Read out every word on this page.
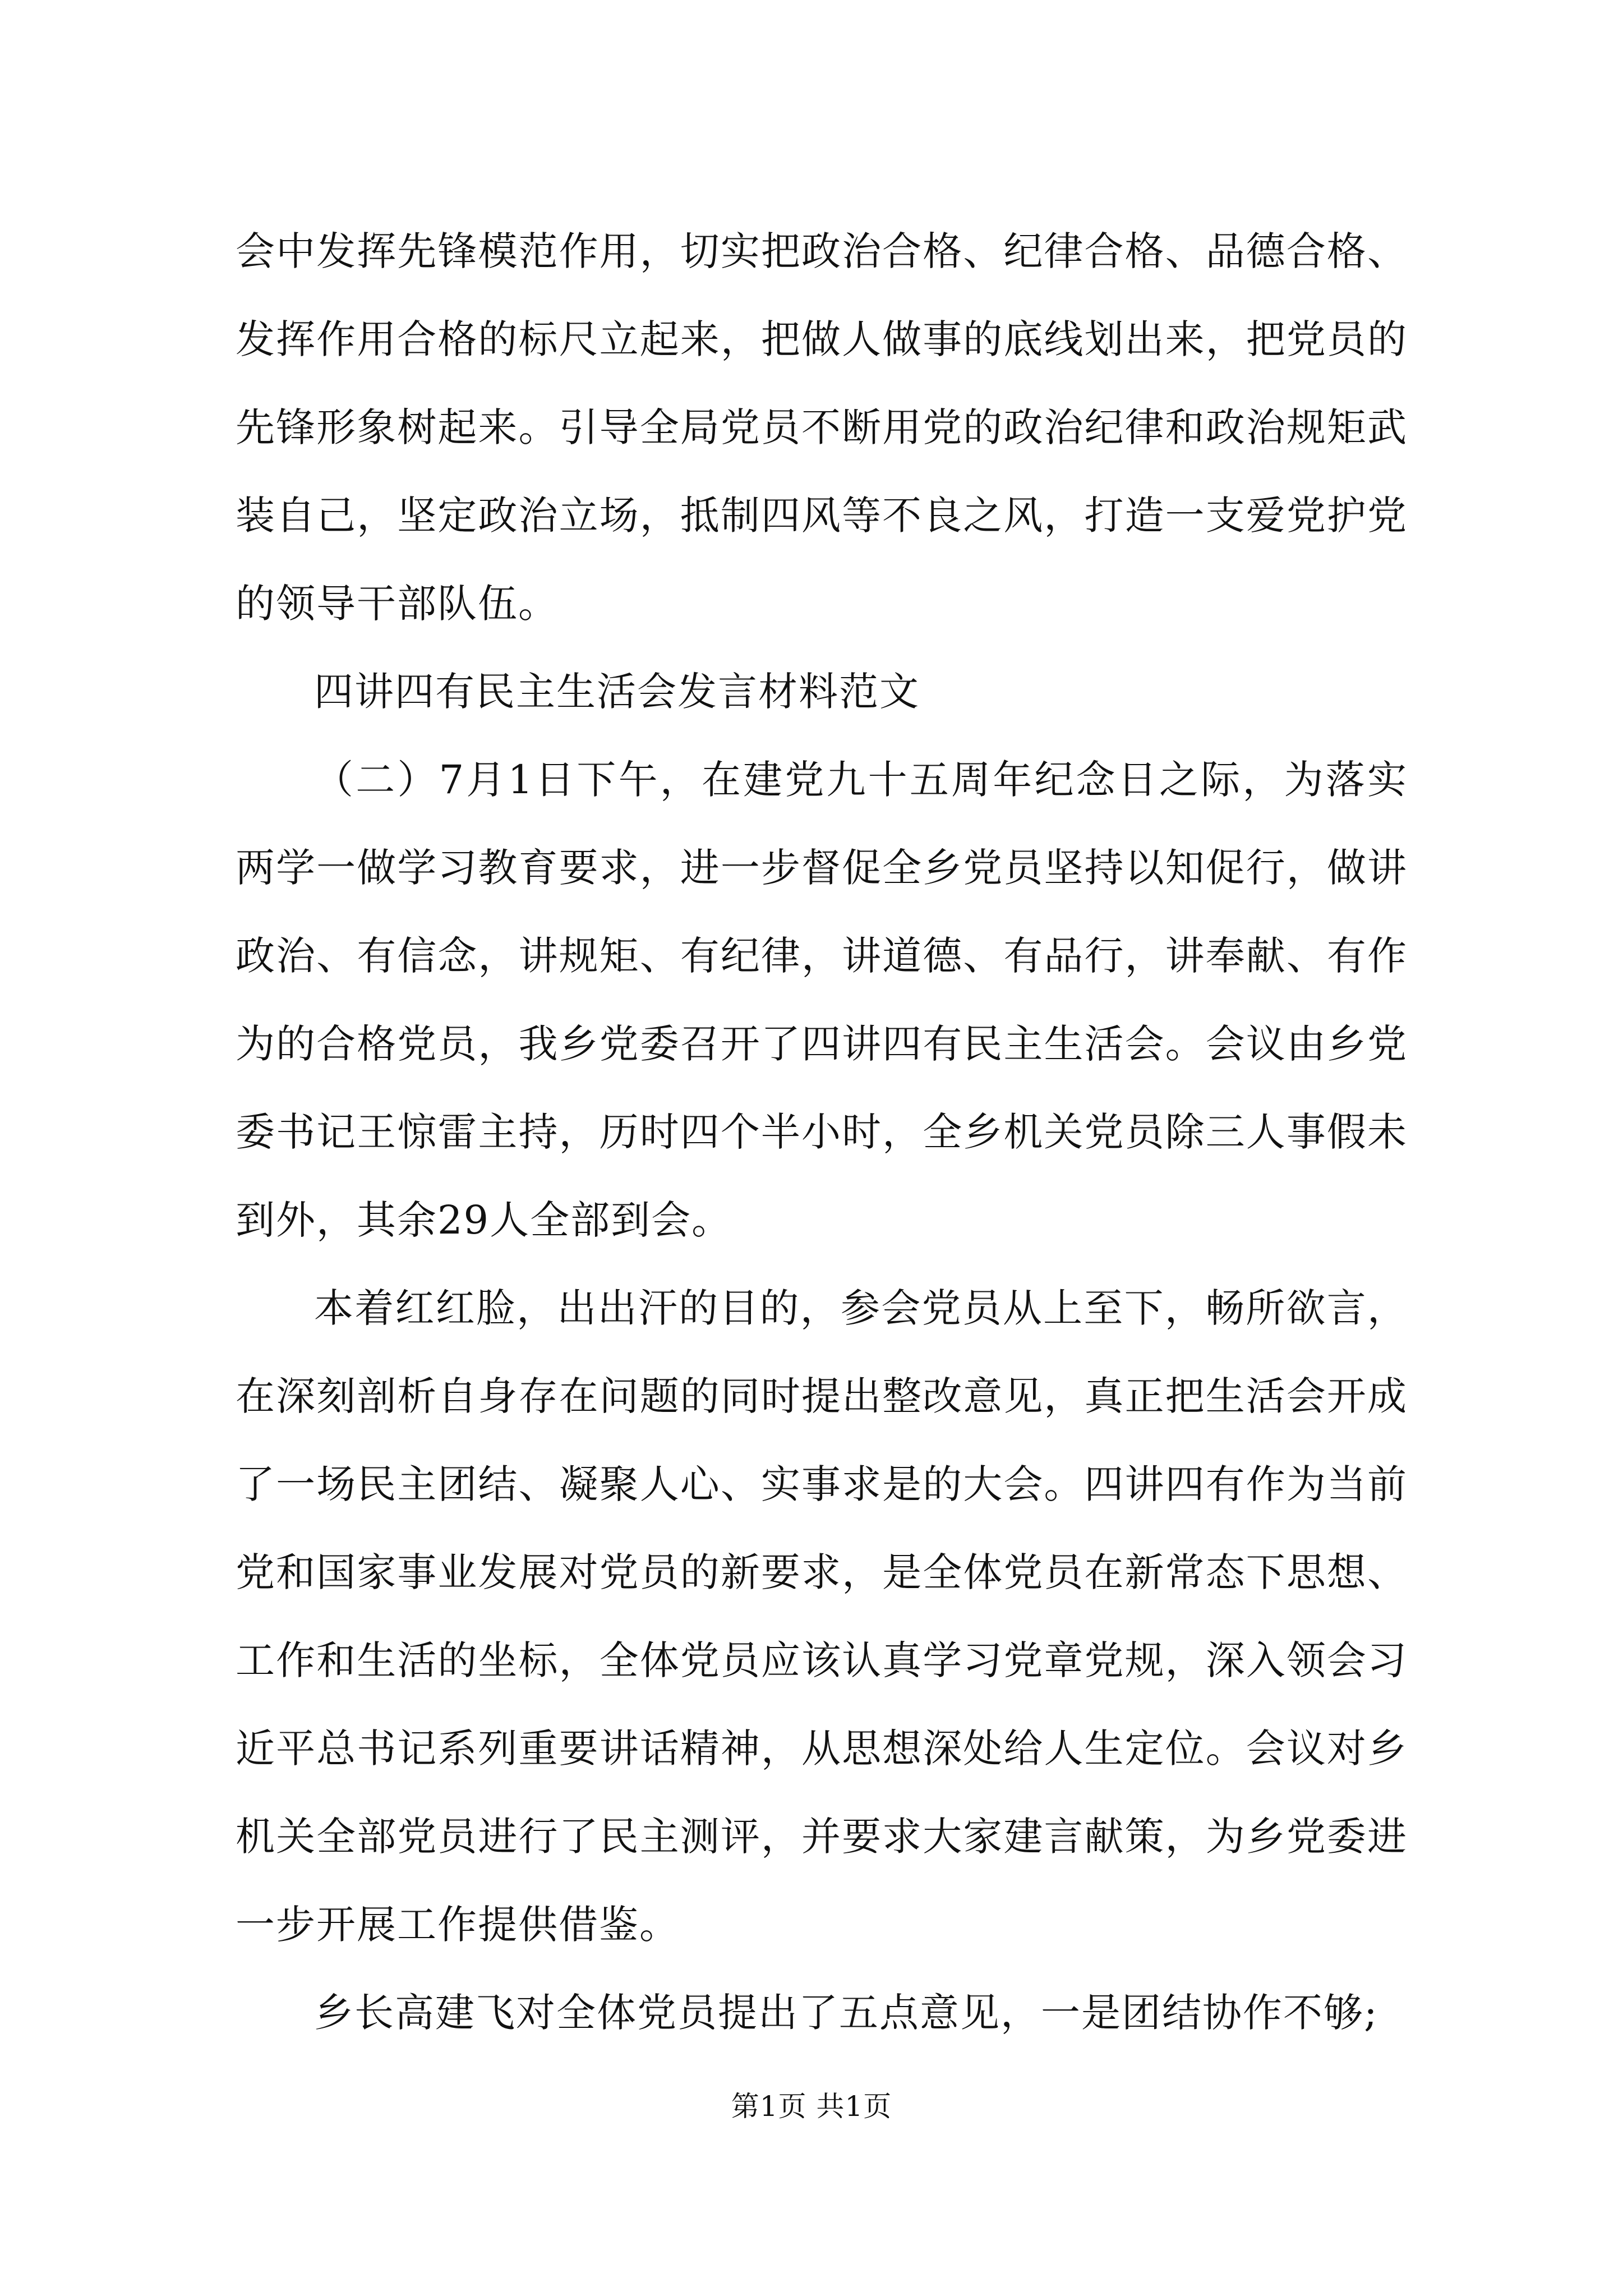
会中发挥先锋模范作用，切实把政治合格、纪律合格、品德合格、发挥作用合格的标尺立起来，把做人做事的底线划出来，把党员的先锋形象树起来。引导全局党员不断用党的政治纪律和政治规矩武装自己，坚定政治立场，抵制四风等不良之风，打造一支爱党护党的领导干部队伍。

四讲四有民主生活会发言材料范文

（二）7月1日下午，在建党九十五周年纪念日之际，为落实两学一做学习教育要求，进一步督促全乡党员坚持以知促行，做讲政治、有信念，讲规矩、有纪律，讲道德、有品行，讲奉献、有作为的合格党员，我乡党委召开了四讲四有民主生活会。会议由乡党委书记王惊雷主持，历时四个半小时，全乡机关党员除三人事假未到外，其余29人全部到会。

本着红红脸，出出汗的目的，参会党员从上至下，畅所欲言，在深刻剖析自身存在问题的同时提出整改意见，真正把生活会开成了一场民主团结、凝聚人心、实事求是的大会。四讲四有作为当前党和国家事业发展对党员的新要求，是全体党员在新常态下思想、工作和生活的坐标，全体党员应该认真学习党章党规，深入领会习近平总书记系列重要讲话精神，从思想深处给人生定位。会议对乡机关全部党员进行了民主测评，并要求大家建言献策，为乡党委进一步开展工作提供借鉴。

乡长高建飞对全体党员提出了五点意见，一是团结协作不够;

第1页 共1页
